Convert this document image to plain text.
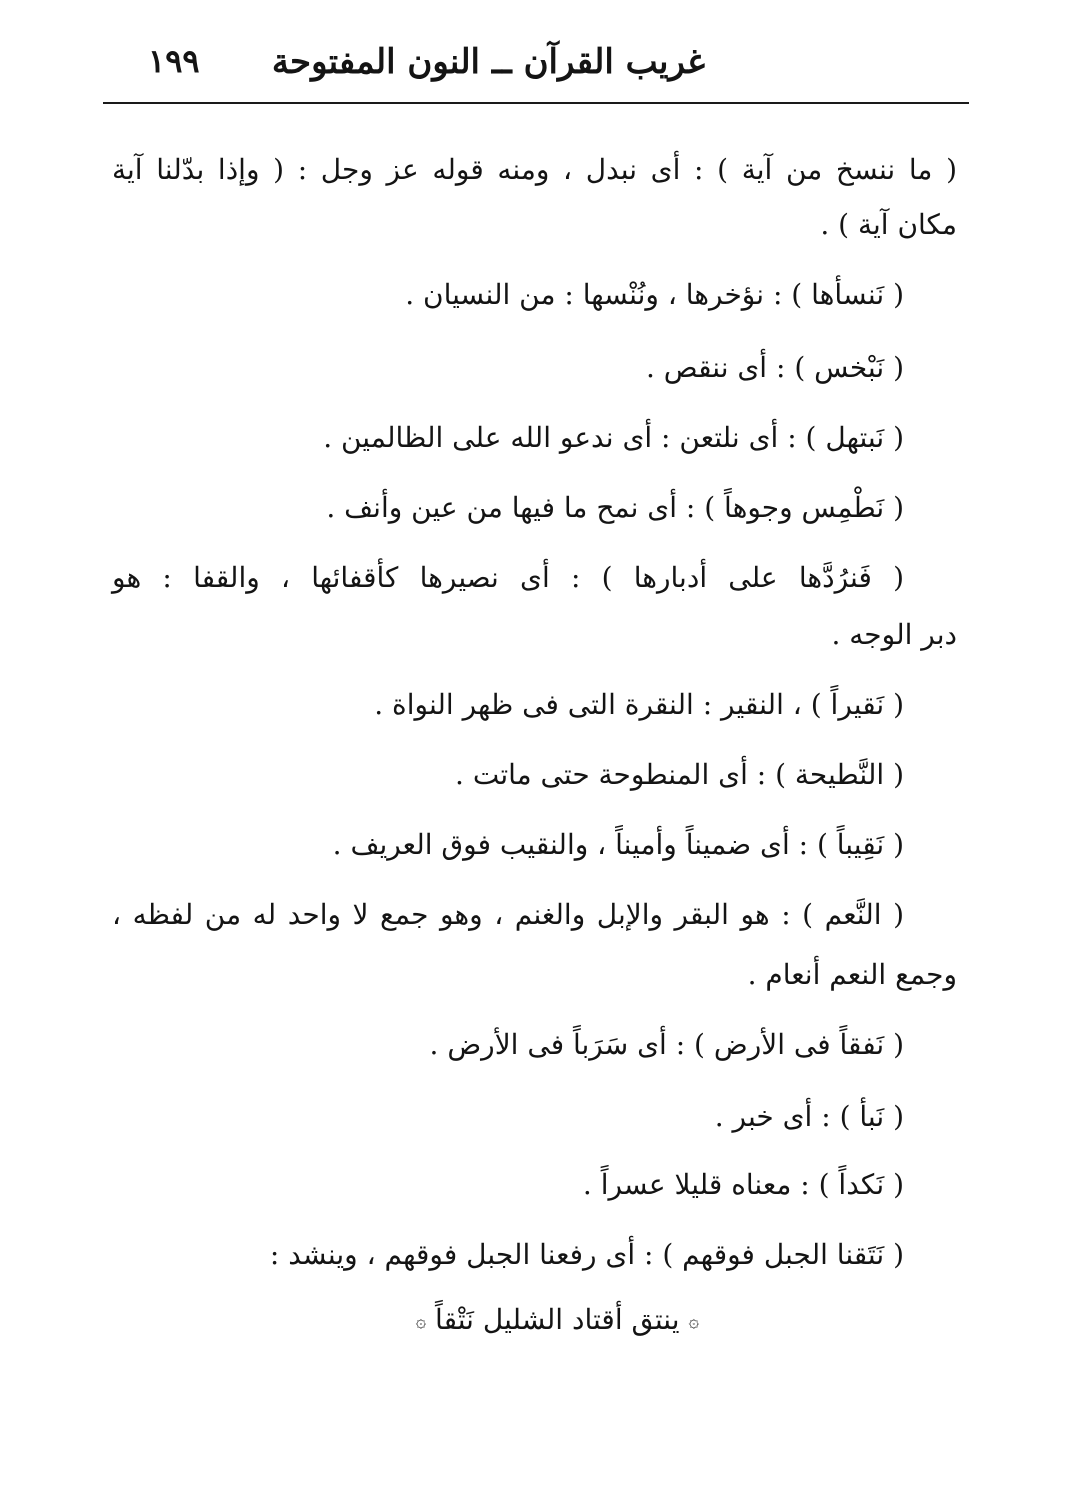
غريب القرآن ــ النون المفتوحة
١٩٩
( ما ننسخ من آية ) : أى نبدل ، ومنه قوله عز وجل : ( وإذا بدّلنا آية
مكان آية ) .
( نَنسأها ) : نؤخرها ، ونُنْسها : من النسيان .
( نَبْخس ) : أى ننقص .
( نَبتهل ) : أى نلتعن : أى ندعو الله على الظالمين .
( نَطْمِس وجوهاً ) : أى نمح ما فيها من عين وأنف .
( فَنرُدَّها على أدبارها ) : أى نصيرها كأقفائها ، والقفا : هو
دبر الوجه .
( نَقيراً ) ، النقير : النقرة التى فى ظهر النواة .
( النَّطيحة ) : أى المنطوحة حتى ماتت .
( نَقِيباً ) : أى ضميناً وأميناً ، والنقيب فوق العريف .
( النَّعم ) : هو البقر والإبل والغنم ، وهو جمع لا واحد له من لفظه ،
وجمع النعم أنعام .
( نَفقاً فى الأرض ) : أى سَرَباً فى الأرض .
( نَبأ ) : أى خبر .
( نَكداً ) : معناه قليلا عسراً .
( نَتَقنا الجبل فوقهم ) : أى رفعنا الجبل فوقهم ، وينشد :
۞ ينتق أقتاد الشليل نَتْقاً ۞
